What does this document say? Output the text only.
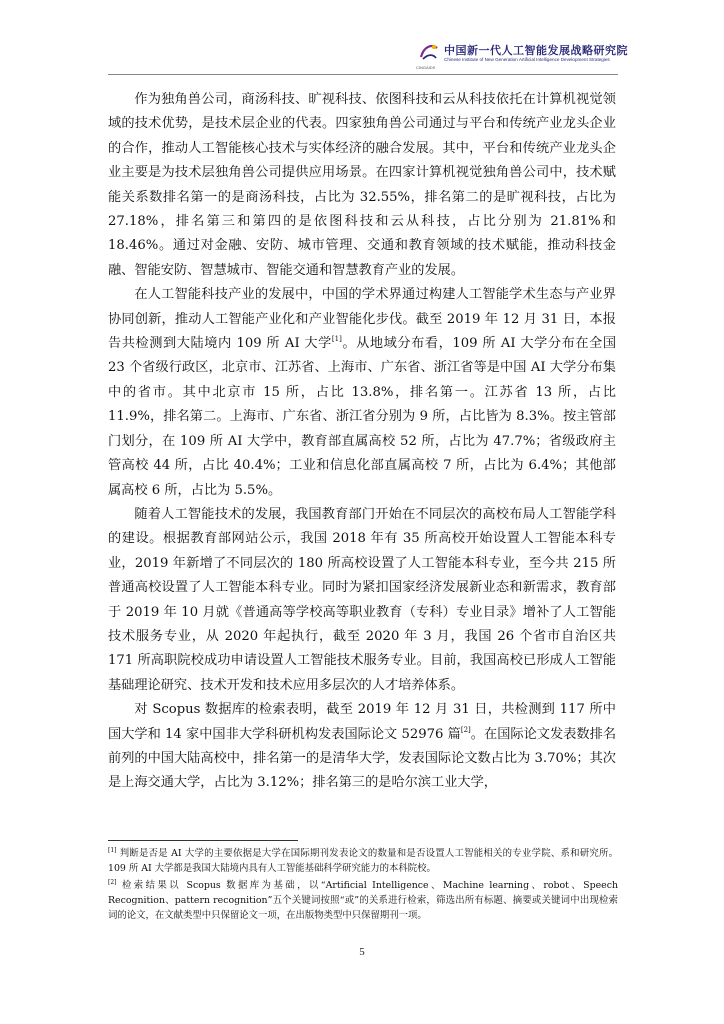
CINGAIDS
中国新一代人工智能发展战略研究院
Chinese Institute of New Generation Artificial Intelligence Development Strategies

作为独角兽公司，商汤科技、旷视科技、依图科技和云从科技依托在计算机视觉领域的技术优势，是技术层企业的代表。四家独角兽公司通过与平台和传统产业龙头企业的合作，推动人工智能核心技术与实体经济的融合发展。其中，平台和传统产业龙头企业主要是为技术层独角兽公司提供应用场景。在四家计算机视觉独角兽公司中，技术赋能关系数排名第一的是商汤科技，占比为 32.55%，排名第二的是旷视科技，占比为 27.18%，排名第三和第四的是依图科技和云从科技，占比分别为 21.81%和 18.46%。通过对金融、安防、城市管理、交通和教育领域的技术赋能，推动科技金融、智能安防、智慧城市、智能交通和智慧教育产业的发展。

在人工智能科技产业的发展中，中国的学术界通过构建人工智能学术生态与产业界协同创新，推动人工智能产业化和产业智能化步伐。截至 2019 年 12 月 31 日，本报告共检测到大陆境内 109 所 AI 大学[1]。从地域分布看，109 所 AI 大学分布在全国 23 个省级行政区，北京市、江苏省、上海市、广东省、浙江省等是中国 AI 大学分布集中的省市。其中北京市 15 所，占比 13.8%，排名第一。江苏省 13 所，占比 11.9%，排名第二。上海市、广东省、浙江省分别为 9 所，占比皆为 8.3%。按主管部门划分，在 109 所 AI 大学中，教育部直属高校 52 所，占比为 47.7%；省级政府主管高校 44 所，占比 40.4%；工业和信息化部直属高校 7 所，占比为 6.4%；其他部属高校 6 所，占比为 5.5%。

随着人工智能技术的发展，我国教育部门开始在不同层次的高校布局人工智能学科的建设。根据教育部网站公示，我国 2018 年有 35 所高校开始设置人工智能本科专业，2019 年新增了不同层次的 180 所高校设置了人工智能本科专业，至今共 215 所普通高校设置了人工智能本科专业。同时为紧扣国家经济发展新业态和新需求，教育部于 2019 年 10 月就《普通高等学校高等职业教育（专科）专业目录》增补了人工智能技术服务专业，从 2020 年起执行，截至 2020 年 3 月，我国 26 个省市自治区共 171 所高职院校成功申请设置人工智能技术服务专业。目前，我国高校已形成人工智能基础理论研究、技术开发和技术应用多层次的人才培养体系。

对 Scopus 数据库的检索表明，截至 2019 年 12 月 31 日，共检测到 117 所中国大学和 14 家中国非大学科研机构发表国际论文 52976 篇[2]。在国际论文发表数排名前列的中国大陆高校中，排名第一的是清华大学，发表国际论文数占比为 3.70%；其次是上海交通大学，占比为 3.12%；排名第三的是哈尔滨工业大学，

[1] 判断是否是 AI 大学的主要依据是大学在国际期刊发表论文的数量和是否设置人工智能相关的专业学院、系和研究所。109 所 AI 大学都是我国大陆境内具有人工智能基础科学研究能力的本科院校。

[2] 检索结果以 Scopus 数据库为基础，以“Artificial Intelligence、Machine learning、robot、Speech Recognition、pattern recognition”五个关键词按照“或”的关系进行检索，筛选出所有标题、摘要或关键词中出现检索词的论文，在文献类型中只保留论文一项，在出版物类型中只保留期刊一项。

5
